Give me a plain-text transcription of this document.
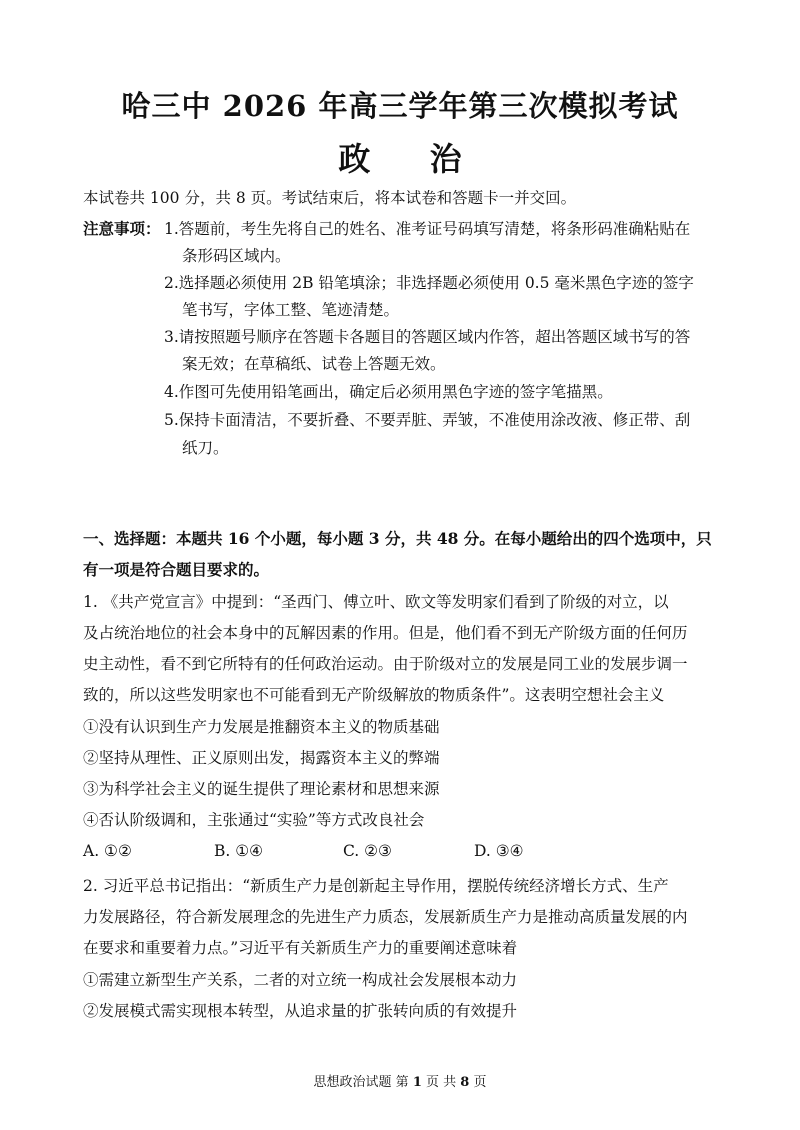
哈三中 2026 年高三学年第三次模拟考试
政 治
本试卷共 100 分，共 8 页。考试结束后，将本试卷和答题卡一并交回。
注意事项： 1.答题前，考生先将自己的姓名、准考证号码填写清楚，将条形码准确粘贴在
条形码区域内。
2.选择题必须使用 2B 铅笔填涂；非选择题必须使用 0.5 毫米黑色字迹的签字
笔书写，字体工整、笔迹清楚。
3.请按照题号顺序在答题卡各题目的答题区域内作答，超出答题区域书写的答
案无效；在草稿纸、试卷上答题无效。
4.作图可先使用铅笔画出，确定后必须用黑色字迹的签字笔描黑。
5.保持卡面清洁，不要折叠、不要弄脏、弄皱，不准使用涂改液、修正带、刮
纸刀。
一、选择题：本题共 16 个小题，每小题 3 分，共 48 分。在每小题给出的四个选项中，只
有一项是符合题目要求的。
1. 《共产党宣言》中提到：“圣西门、傅立叶、欧文等发明家们看到了阶级的对立，以
及占统治地位的社会本身中的瓦解因素的作用。但是，他们看不到无产阶级方面的任何历
史主动性，看不到它所特有的任何政治运动。由于阶级对立的发展是同工业的发展步调一
致的，所以这些发明家也不可能看到无产阶级解放的物质条件”。这表明空想社会主义
①没有认识到生产力发展是推翻资本主义的物质基础
②坚持从理性、正义原则出发，揭露资本主义的弊端
③为科学社会主义的诞生提供了理论素材和思想来源
④否认阶级调和，主张通过“实验”等方式改良社会
A. ①②	B. ①④	C. ②③	D. ③④
2. 习近平总书记指出：“新质生产力是创新起主导作用，摆脱传统经济增长方式、生产
力发展路径，符合新发展理念的先进生产力质态，发展新质生产力是推动高质量发展的内
在要求和重要着力点。”习近平有关新质生产力的重要阐述意味着
①需建立新型生产关系，二者的对立统一构成社会发展根本动力
②发展模式需实现根本转型，从追求量的扩张转向质的有效提升
思想政治试题 第 1 页 共 8 页
